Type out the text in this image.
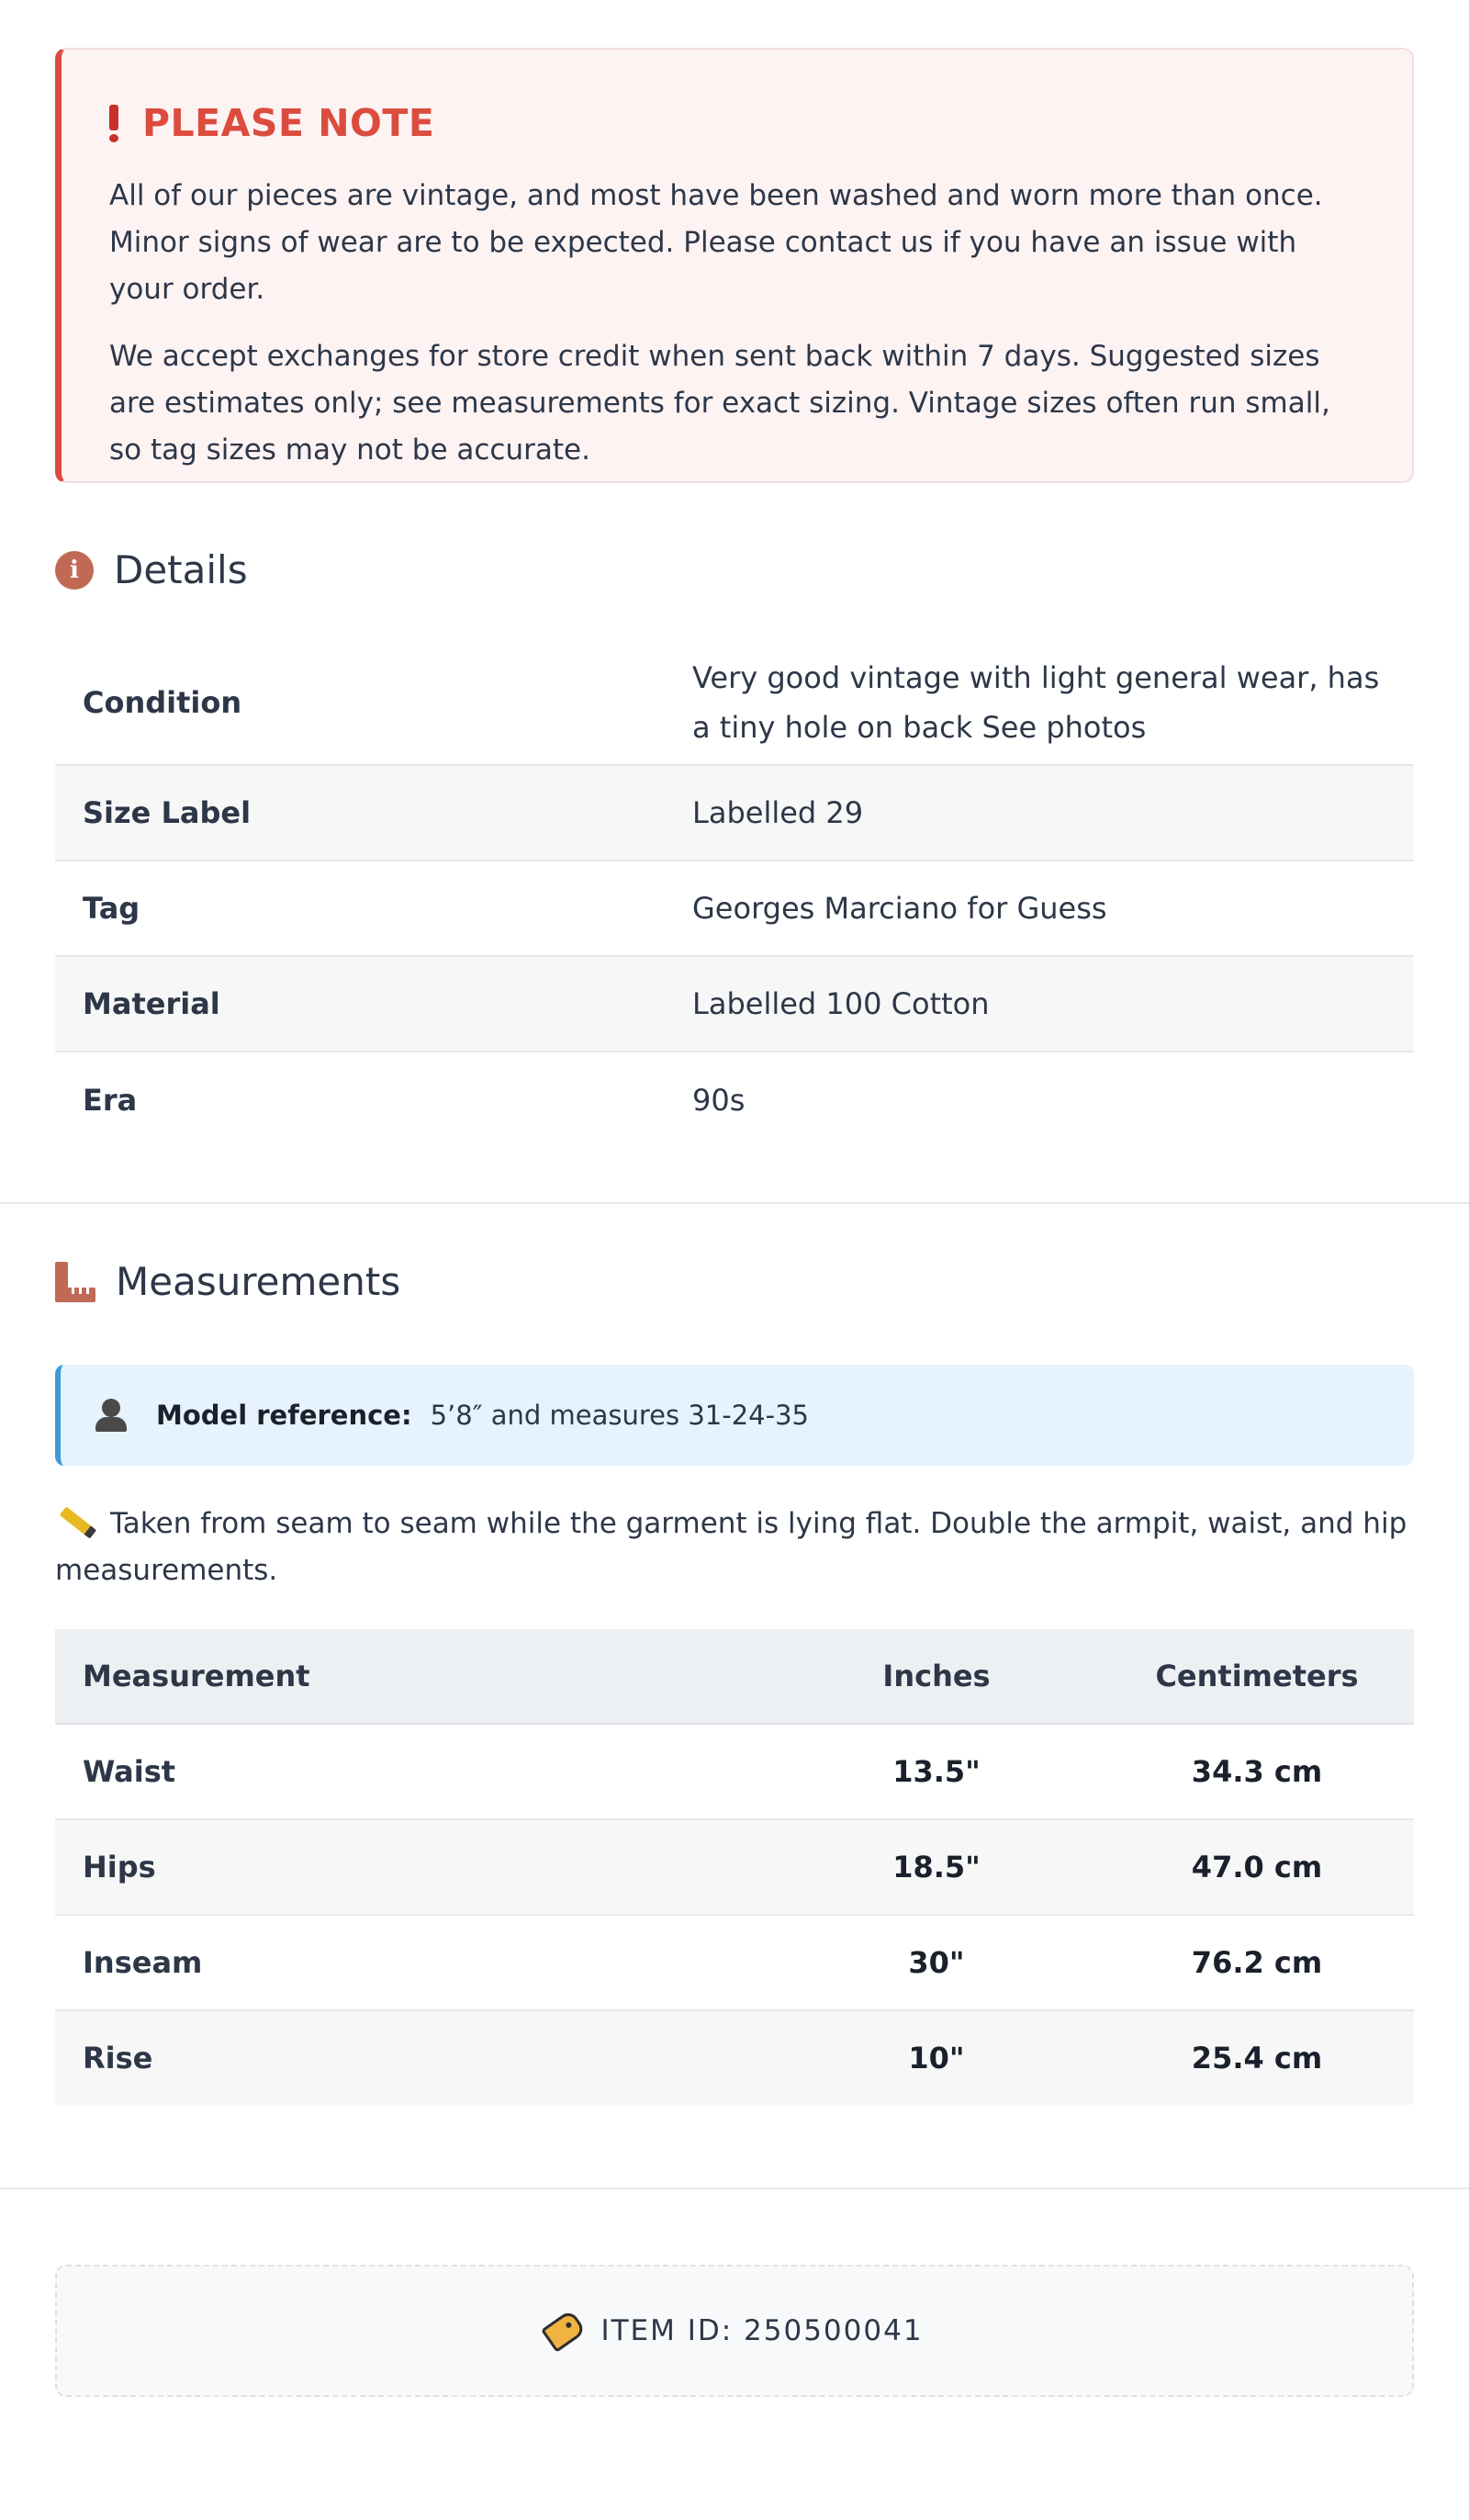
PLEASE NOTE

All of our pieces are vintage, and most have been washed and worn more than once. Minor signs of wear are to be expected. Please contact us if you have an issue with your order.

We accept exchanges for store credit when sent back within 7 days. Suggested sizes are estimates only; see measurements for exact sizing. Vintage sizes often run small, so tag sizes may not be accurate.

i Details
Condition	Very good vintage with light general wear, has a tiny hole on back See photos
Size Label	Labelled 29
Tag	Georges Marciano for Guess
Material	Labelled 100 Cotton
Era	90s
Measurements
Model reference: 5’8″ and measures 31-24-35
Taken from seam to seam while the garment is lying flat. Double the armpit, waist, and hip measurements.
Measurement	Inches	Centimeters
Waist	13.5"	34.3 cm
Hips	18.5"	47.0 cm
Inseam	30"	76.2 cm
Rise	10"	25.4 cm
ITEM ID: 250500041
